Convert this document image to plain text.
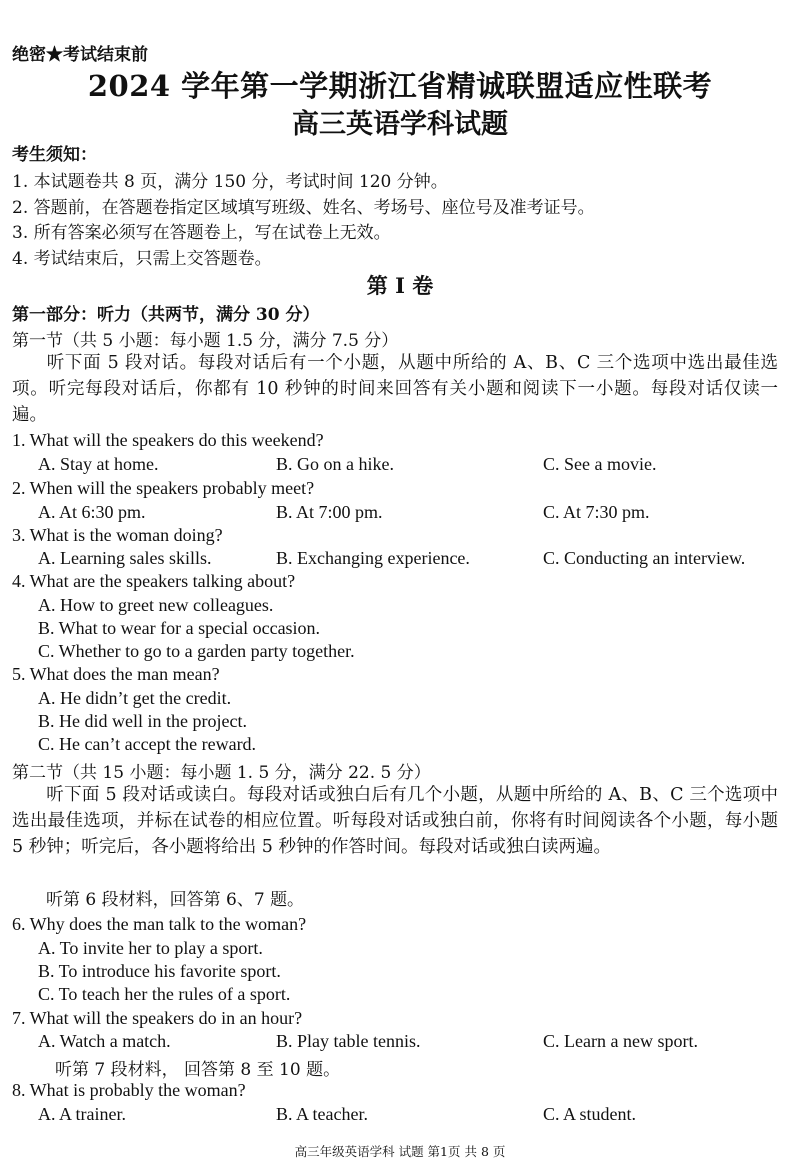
绝密★考试结束前
2024 学年第一学期浙江省精诚联盟适应性联考
高三英语学科试题
考生须知：
1. 本试题卷共 8 页，满分 150 分，考试时间 120 分钟。
2. 答题前，在答题卷指定区域填写班级、姓名、考场号、座位号及准考证号。
3. 所有答案必须写在答题卷上，写在试卷上无效。
4. 考试结束后，只需上交答题卷。
第 I 卷
第一部分：听力（共两节，满分 30 分）
第一节（共 5 小题：每小题 1.5 分，满分 7.5 分）
听下面 5 段对话。每段对话后有一个小题，从题中所给的 A、B、C 三个选项中选出最佳选项。听完每段对话后，你都有 10 秒钟的时间来回答有关小题和阅读下一小题。每段对话仅读一遍。
1. What will the speakers do this weekend?
A. Stay at home.	B. Go on a hike.	C. See a movie.
2. When will the speakers probably meet?
A. At 6:30 pm.	B. At 7:00 pm.	C. At 7:30 pm.
3. What is the woman doing?
A. Learning sales skills.	B. Exchanging experience.	C. Conducting an interview.
4. What are the speakers talking about?
A. How to greet new colleagues.
B. What to wear for a special occasion.
C. Whether to go to a garden party together.
5. What does the man mean?
A. He didn’t get the credit.
B. He did well in the project.
C. He can’t accept the reward.
第二节（共 15 小题：每小题 1. 5 分，满分 22. 5 分）
听下面 5 段对话或读白。每段对话或独白后有几个小题，从题中所给的 A、B、C 三个选项中选出最佳选项，并标在试卷的相应位置。听每段对话或独白前，你将有时间阅读各个小题，每小题 5 秒钟；听完后，各小题将给出 5 秒钟的作答时间。每段对话或独白读两遍。
听第 6 段材料，回答第 6、7 题。
6. Why does the man talk to the woman?
A. To invite her to play a sport.
B. To introduce his favorite sport.
C. To teach her the rules of a sport.
7. What will the speakers do in an hour?
A. Watch a match.	B. Play table tennis.	C. Learn a new sport.
听第 7 段材料， 回答第 8 至 10 题。
8. What is probably the woman?
A. A trainer.	B. A teacher.	C. A student.
高三年级英语学科 试题 第1页 共 8 页
